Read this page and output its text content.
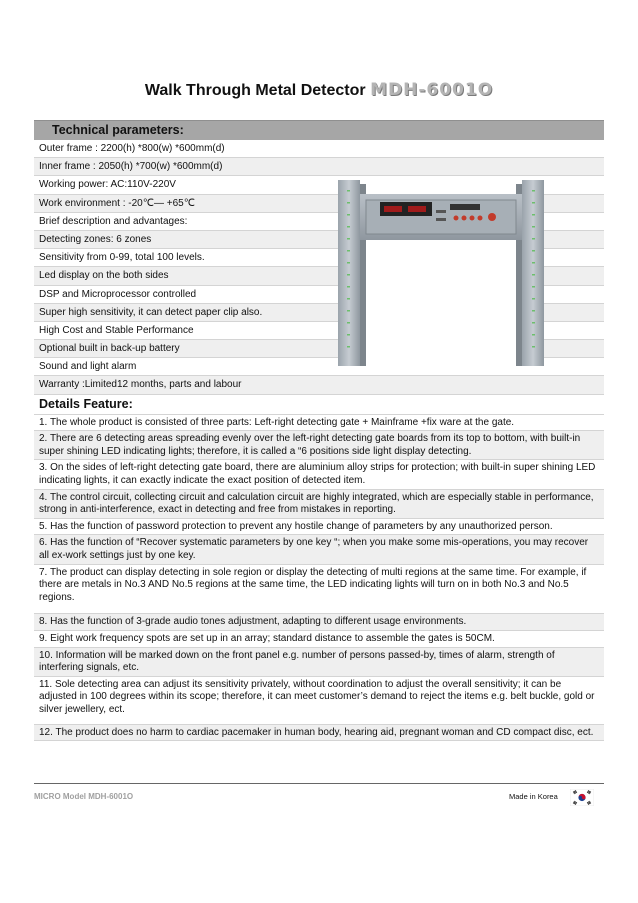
Walk Through Metal Detector MDH-6001O
Technical parameters:
Outer frame : 2200(h) *800(w) *600mm(d)
Inner frame : 2050(h) *700(w) *600mm(d)
Working power: AC:110V-220V
Work environment : -20℃— +65℃
Brief description and advantages:
Detecting zones: 6 zones
Sensitivity from 0-99, total 100 levels.
Led display on the both sides
DSP and Microprocessor controlled
Super high sensitivity, it can detect paper clip also.
High Cost and Stable Performance
Optional built in back-up battery
Sound and light alarm
Warranty :Limited12 months, parts and labour
Details Feature:
1. The whole product is consisted of three parts: Left-right detecting gate + Mainframe +fix ware at the gate.
2. There are 6 detecting areas spreading evenly over the left-right detecting gate boards from its top to bottom, with built-in super shining LED indicating lights; therefore, it is called a “6 positions side light display detecting.
3. On the sides of left-right detecting gate board, there are aluminium alloy strips for protection; with built-in super shining LED indicating lights, it can exactly indicate the exact position of detected item.
4. The control circuit, collecting circuit and calculation circuit are highly integrated, which are especially stable in performance, strong in anti-interference, exact in detecting and free from mistakes in reporting.
5. Has the function of password protection to prevent any hostile change of parameters by any unauthorized person.
6. Has the function of “Recover systematic parameters by one key “; when you make some mis-operations, you may recover all ex-work settings just by one key.
7. The product can display detecting in sole region or display the detecting of multi regions at the same time. For example, if there are metals in No.3 AND No.5 regions at the same time, the LED indicating lights will turn on in both No.3 and No.5 regions.
8. Has the function of 3-grade audio tones adjustment, adapting to different usage environments.
9. Eight work frequency spots are set up in an array; standard distance to assemble the gates is 50CM.
10. Information will be marked down on the front panel e.g. number of persons passed-by, times of alarm, strength of interfering signals, etc.
11. Sole detecting area can adjust its sensitivity privately, without coordination to adjust the overall sensitivity; it can be adjusted in 100 degrees within its scope; therefore, it can meet customer’s demand to reject the items e.g. belt buckle, gold or silver jewellery, ect.
12. The product does no harm to cardiac pacemaker in human body, hearing aid, pregnant woman and CD compact disc, ect.
MICRO Model MDH-6001O	Made in Korea
